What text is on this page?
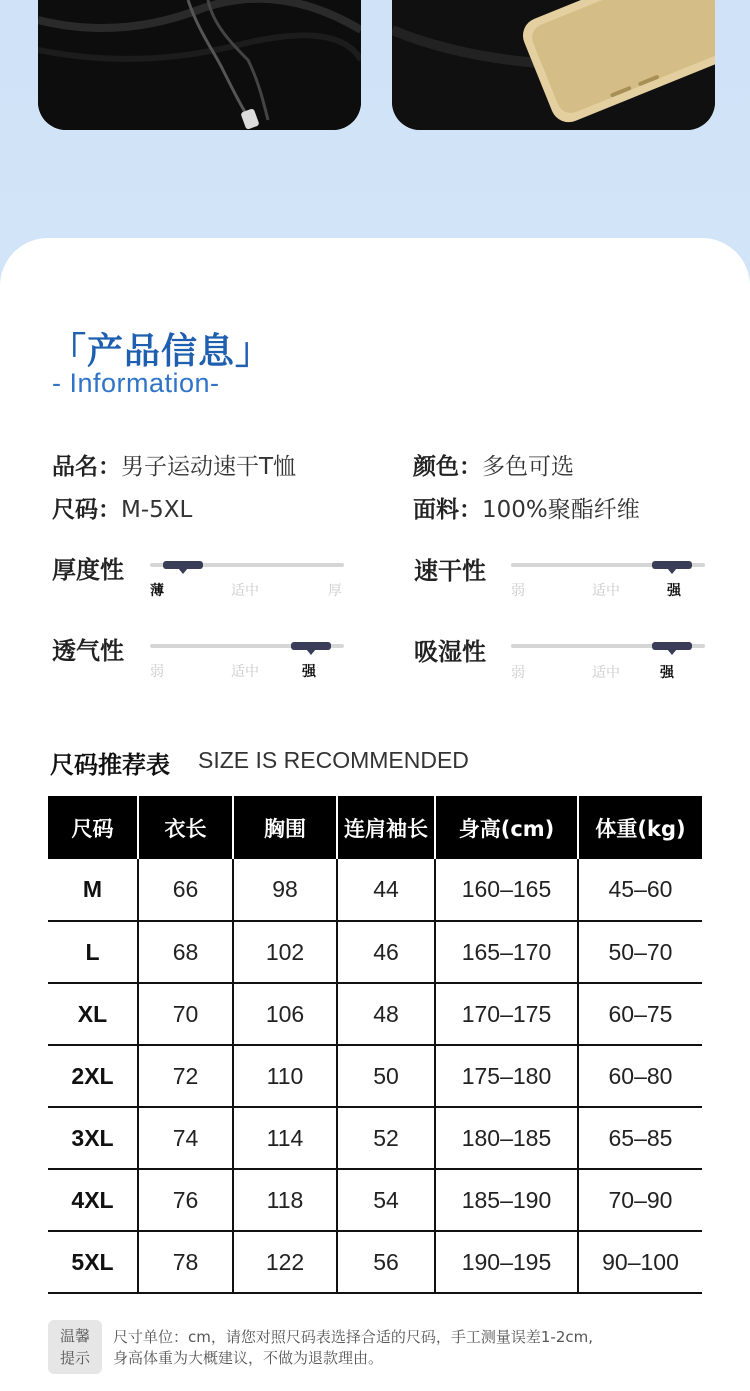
「产品信息」
- Information-
品名：男子运动速干T恤	颜色：多色可选
尺码：M-5XL	面料：100%聚酯纤维
厚度性
薄	适中	厚
速干性
弱	适中	强
透气性
弱	适中	强
吸湿性
弱	适中	强
尺码推荐表 SIZE IS RECOMMENDED
尺码	衣长	胸围	连肩袖长	身高(cm)	体重(kg)
M	66	98	44	160–165	45–60
L	68	102	46	165–170	50–70
XL	70	106	48	170–175	60–75
2XL	72	110	50	175–180	60–80
3XL	74	114	52	180–185	65–85
4XL	76	118	54	185–190	70–90
5XL	78	122	56	190–195	90–100
温馨
提示
尺寸单位：cm，请您对照尺码表选择合适的尺码，手工测量误差1-2cm,
身高体重为大概建议，不做为退款理由。
